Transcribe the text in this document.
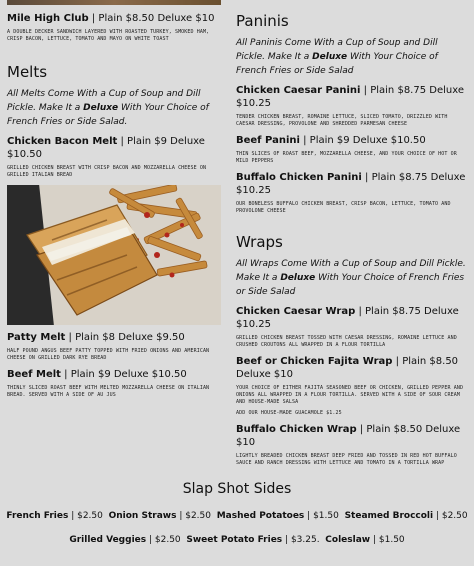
Mile High Club | Plain $8.50 Deluxe $10
A DOUBLE DECKER SANDWICH LAYERED WITH ROASTED TURKEY, SMOKED HAM, CRISP BACON, LETTUCE, TOMATO AND MAYO ON WHITE TOAST
Melts
All Melts Come With a Cup of Soup and Dill Pickle. Make It a Deluxe With Your Choice of French Fries or Side Salad.
Chicken Bacon Melt | Plain $9 Deluxe $10.50
GRILLED CHICKEN BREAST WITH CRISP BACON AND MOZZARELLA CHEESE ON GRILLED ITALIAN BREAD
Patty Melt | Plain $8 Deluxe $9.50
HALF POUND ANGUS BEEF PATTY TOPPED WITH FRIED ONIONS AND AMERICAN CHEESE ON GRILLED DARK RYE BREAD
Beef Melt | Plain $9 Deluxe $10.50
THINLY SLICED ROAST BEEF WITH MELTED MOZZARELLA CHEESE ON ITALIAN BREAD. SERVED WITH A SIDE OF AU JUS
Paninis
All Paninis Come With a Cup of Soup and Dill Pickle. Make It a Deluxe With Your Choice of French Fries or Side Salad
Chicken Caesar Panini | Plain $8.75 Deluxe $10.25
TENDER CHICKEN BREAST, ROMAINE LETTUCE, SLICED TOMATO, DRIZZLED WITH CAESAR DRESSING, PROVOLONE AND SHREDDED PARMESAN CHEESE
Beef Panini | Plain $9 Deluxe $10.50
THIN SLICES OF ROAST BEEF, MOZZARELLA CHEESE, AND YOUR CHOICE OF HOT OR MILD PEPPERS
Buffalo Chicken Panini | Plain $8.75 Deluxe $10.25
OUR BONELESS BUFFALO CHICKEN BREAST, CRISP BACON, LETTUCE, TOMATO AND PROVOLONE CHEESE
Wraps
All Wraps Come With a Cup of Soup and Dill Pickle. Make It a Deluxe With Your Choice of French Fries or Side Salad
Chicken Caesar Wrap | Plain $8.75 Deluxe $10.25
GRILLED CHICKEN BREAST TOSSED WITH CAESAR DRESSING, ROMAINE LETTUCE AND CRUSHED CROUTONS ALL WRAPPED IN A FLOUR TORTILLA
Beef or Chicken Fajita Wrap | Plain $8.50 Deluxe $10
YOUR CHOICE OF EITHER FAJITA SEASONED BEEF OR CHICKEN, GRILLED PEPPER AND ONIONS ALL WRAPPED IN A FLOUR TORTILLA. SERVED WITH A SIDE OF SOUR CREAM AND HOUSE-MADE SALSA
ADD OUR HOUSE-MADE GUACAMOLE $1.25
Buffalo Chicken Wrap | Plain $8.50 Deluxe $10
LIGHTLY BREADED CHICKEN BREAST DEEP FRIED AND TOSSED IN RED HOT BUFFALO SAUCE AND RANCH DRESSING WITH LETTUCE AND TOMATO IN A TORTILLA WRAP
Slap Shot Sides
French Fries | $2.50 Onion Straws | $2.50 Mashed Potatoes | $1.50 Steamed Broccoli | $2.50
Grilled Veggies | $2.50 Sweet Potato Fries | $3.25.  Coleslaw | $1.50
